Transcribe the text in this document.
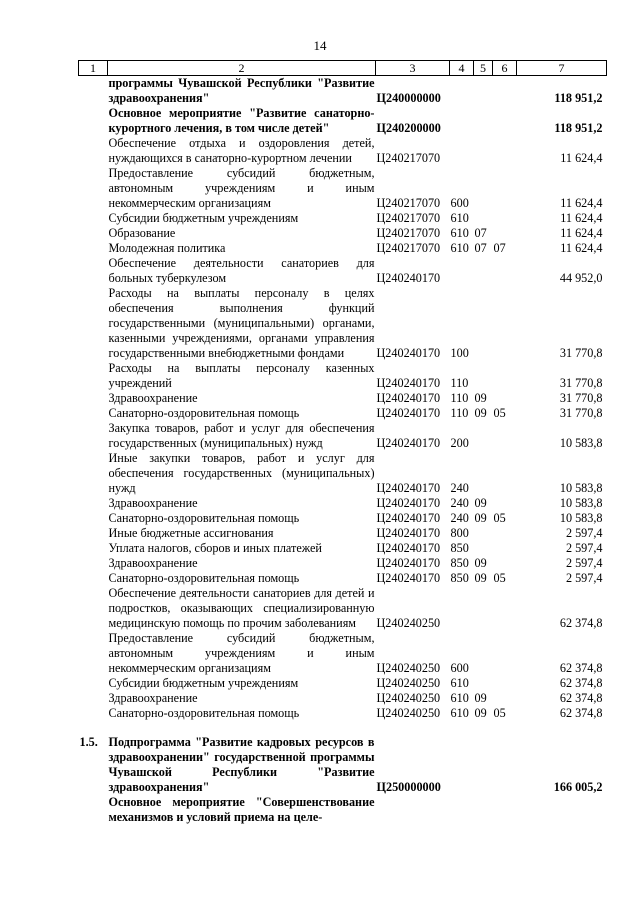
14
1	2	3	4	5	6	7
	программы Чувашской Республики "Развитие здравоохранения"	Ц240000000				118 951,2
	Основное мероприятие "Развитие санаторно-курортного лечения, в том числе детей"	Ц240200000				118 951,2
	Обеспечение отдыха и оздоровления детей, нуждающихся в санаторно-курортном лечении	Ц240217070				11 624,4
	Предоставление субсидий бюджетным, автономным учреждениям и иным некоммерческим организациям	Ц240217070	600			11 624,4
	Субсидии бюджетным учреждениям	Ц240217070	610			11 624,4
	Образование	Ц240217070	610	07		11 624,4
	Молодежная политика	Ц240217070	610	07	07	11 624,4
	Обеспечение деятельности санаториев для больных туберкулезом	Ц240240170				44 952,0
	Расходы на выплаты персоналу в целях обеспечения выполнения функций государственными (муниципальными) органами, казенными учреждениями, органами управления государственными внебюджетными фондами	Ц240240170	100			31 770,8
	Расходы на выплаты персоналу казенных учреждений	Ц240240170	110			31 770,8
	Здравоохранение	Ц240240170	110	09		31 770,8
	Санаторно-оздоровительная помощь	Ц240240170	110	09	05	31 770,8
	Закупка товаров, работ и услуг для обеспечения государственных (муниципальных) нужд	Ц240240170	200			10 583,8
	Иные закупки товаров, работ и услуг для обеспечения государственных (муниципальных) нужд	Ц240240170	240			10 583,8
	Здравоохранение	Ц240240170	240	09		10 583,8
	Санаторно-оздоровительная помощь	Ц240240170	240	09	05	10 583,8
	Иные бюджетные ассигнования	Ц240240170	800			2 597,4
	Уплата налогов, сборов и иных платежей	Ц240240170	850			2 597,4
	Здравоохранение	Ц240240170	850	09		2 597,4
	Санаторно-оздоровительная помощь	Ц240240170	850	09	05	2 597,4
	Обеспечение деятельности санаториев для детей и подростков, оказывающих специализированную медицинскую помощь по прочим заболеваниям	Ц240240250				62 374,8
	Предоставление субсидий бюджетным, автономным учреждениям и иным некоммерческим организациям	Ц240240250	600			62 374,8
	Субсидии бюджетным учреждениям	Ц240240250	610			62 374,8
	Здравоохранение	Ц240240250	610	09		62 374,8
	Санаторно-оздоровительная помощь	Ц240240250	610	09	05	62 374,8

1.5.	Подпрограмма "Развитие кадровых ресурсов в здравоохранении" государственной программы Чувашской Республики "Развитие здравоохранения"	Ц250000000				166 005,2
	Основное мероприятие "Совершенствование механизмов и условий приема на целе-					
